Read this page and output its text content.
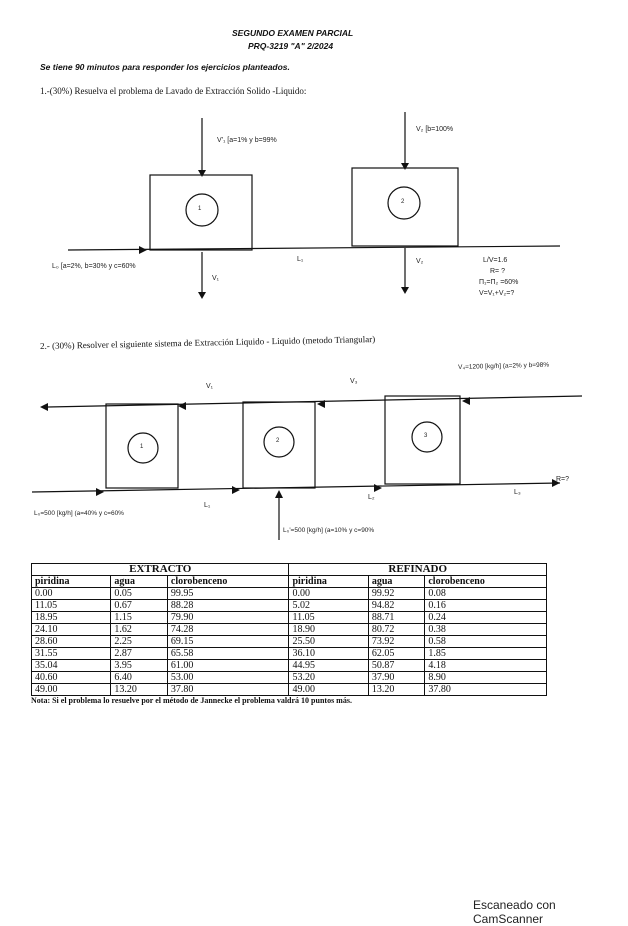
SEGUNDO EXAMEN PARCIAL
PRQ-3219 "A" 2/2024
Se tiene 90 minutos para responder los ejercicios planteados.
1.-(30%) Resuelva el problema de Lavado de Extracción Solido -Liquido:
1
2
V'₁ [a=1% y b=99%
V₂ [b=100%
L₀ [a=2%, b=30% y c=60%
L₁
V₁
V₂	L/V=1.6
R= ?
Π₁=Π₂ =60%
V=V₁+V₂=?
2.- (30%) Resolver el siguiente sistema de Extracción Liquido - Liquido (metodo Triangular)
1
2
3
V₄=1200 [kg/h] (a=2% y b=98%
V₁
V₃
L₀=500 [kg/h] (a=40% y c=60%
L₀'=500 [kg/h] (a=10% y c=90%
L₁
L₂
L₃
R=?
EXTRACTO			REFINADO		
piridina	agua	clorobenceno	piridina	agua	clorobenceno
0.00	0.05	99.95	0.00	99.92	0.08
11.05	0.67	88.28	5.02	94.82	0.16
18.95	1.15	79.90	11.05	88.71	0.24
24.10	1.62	74.28	18.90	80.72	0.38
28.60	2.25	69.15	25.50	73.92	0.58
31.55	2.87	65.58	36.10	62.05	1.85
35.04	3.95	61.00	44.95	50.87	4.18
40.60	6.40	53.00	53.20	37.90	8.90
49.00	13.20	37.80	49.00	13.20	37.80
Nota: Si el problema lo resuelve por el método de Jannecke el problema valdrá 10 puntos más.
Escaneado con CamScanner
